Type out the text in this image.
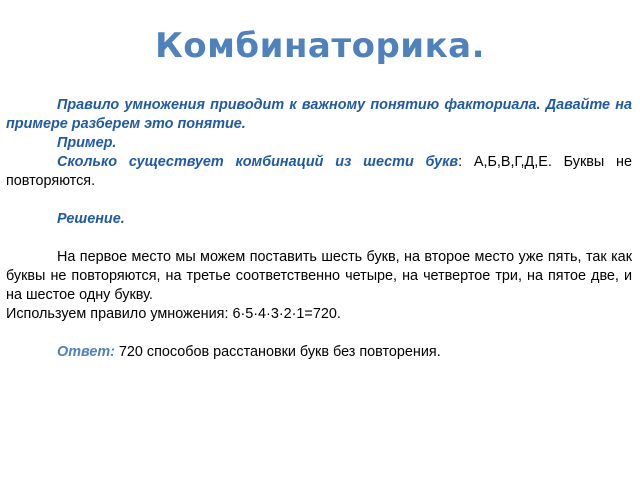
Комбинаторика.

Правило умножения приводит к важному понятию факториала. Давайте на примере разберем это понятие.

Пример.

Сколько существует комбинаций из шести букв: А,Б,В,Г,Д,Е. Буквы не повторяются.

Решение.

На первое место мы можем поставить шесть букв, на второе место уже пять, так как буквы не повторяются, на третье соответственно четыре, на четвертое три, на пятое две, и на шестое одну букву.

Используем правило умножения: 6·5·4·3·2·1=720.

Ответ: 720 способов расстановки букв без повторения.
